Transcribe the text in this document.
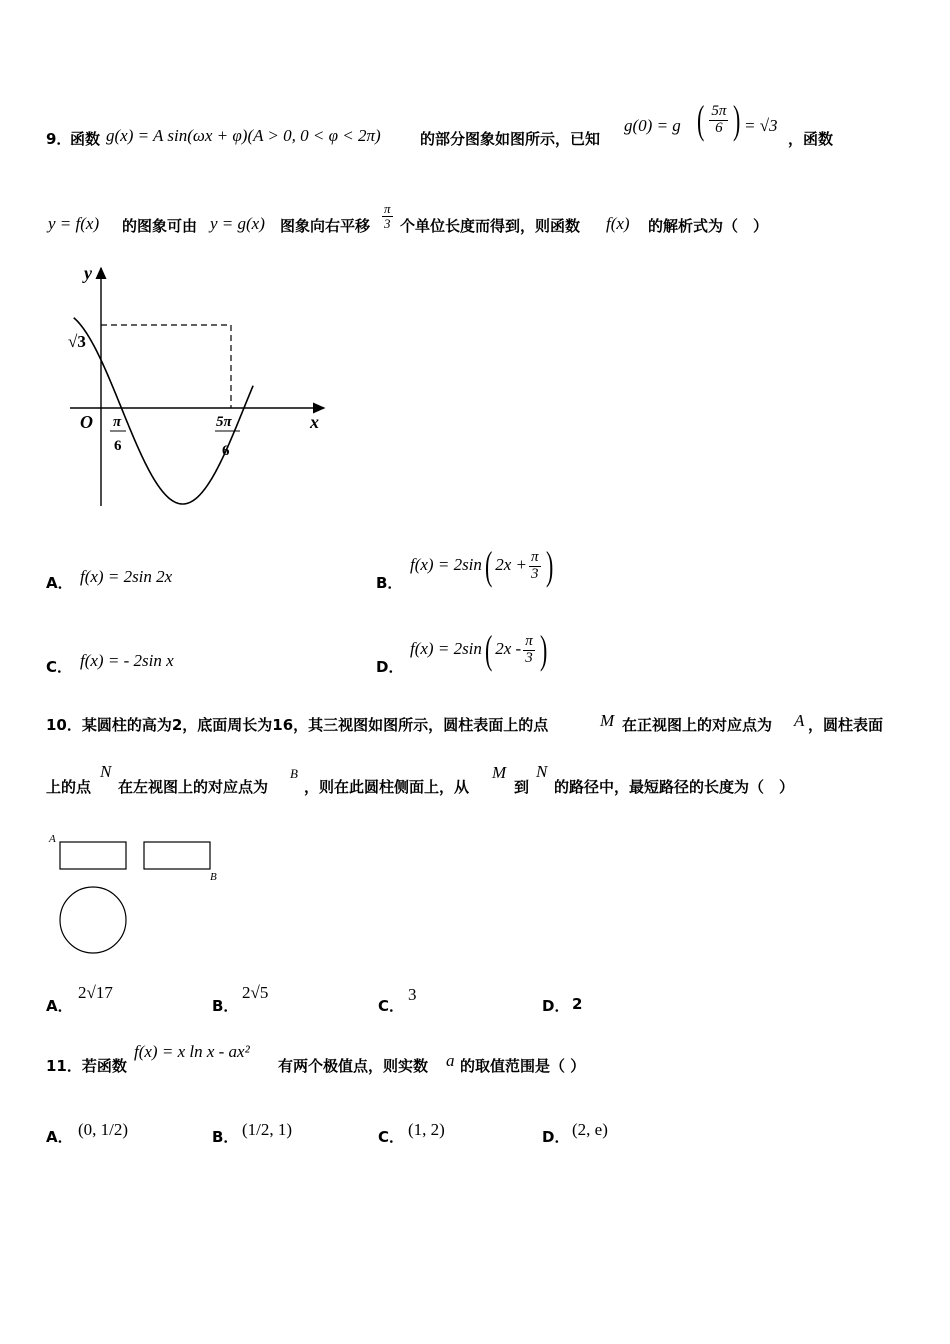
9．
函数 g(x) = A sin(ωx + φ)(A > 0, 0 < φ < 2π)	的部分图象如图所示，已知
g(0) = g ( $\frac{5\pi}{6}$ ) = √3
，函数
y = f(x) 的图象可由 y = g(x) 图象向右平移 $\frac{\pi}{3}$ 个单位长度而得到，则函数 f(x) 的解析式为（　）
y
x
O
√3
π
6
5π
6
A． f(x) = 2sin 2x	B．
f(x) = 2sin( $2x + \frac{\pi}{3}$ )
C． f(x) = - 2sin x	D．
f(x) = 2sin( $2x - \frac{\pi}{3}$ )
10．某圆柱的高为2，底面周长为16，其三视图如图所示，圆柱表面上的点	M 在正视图上的对应点为 A ，圆柱表面
上的点
N
在左视图上的对应点为
B
，则在此圆柱侧面上，从
M
到
N
的路径中，最短路径的长度为（　）
A
B
A．
2√17
B．
2√5
C．
3
D． 2
11．若函数
f(x) = x ln x - ax²
有两个极值点，则实数 a 的取值范围是（ ）
A． (0, 1/2)	B． (1/2, 1)	C． (1, 2)	D． (2, e)
